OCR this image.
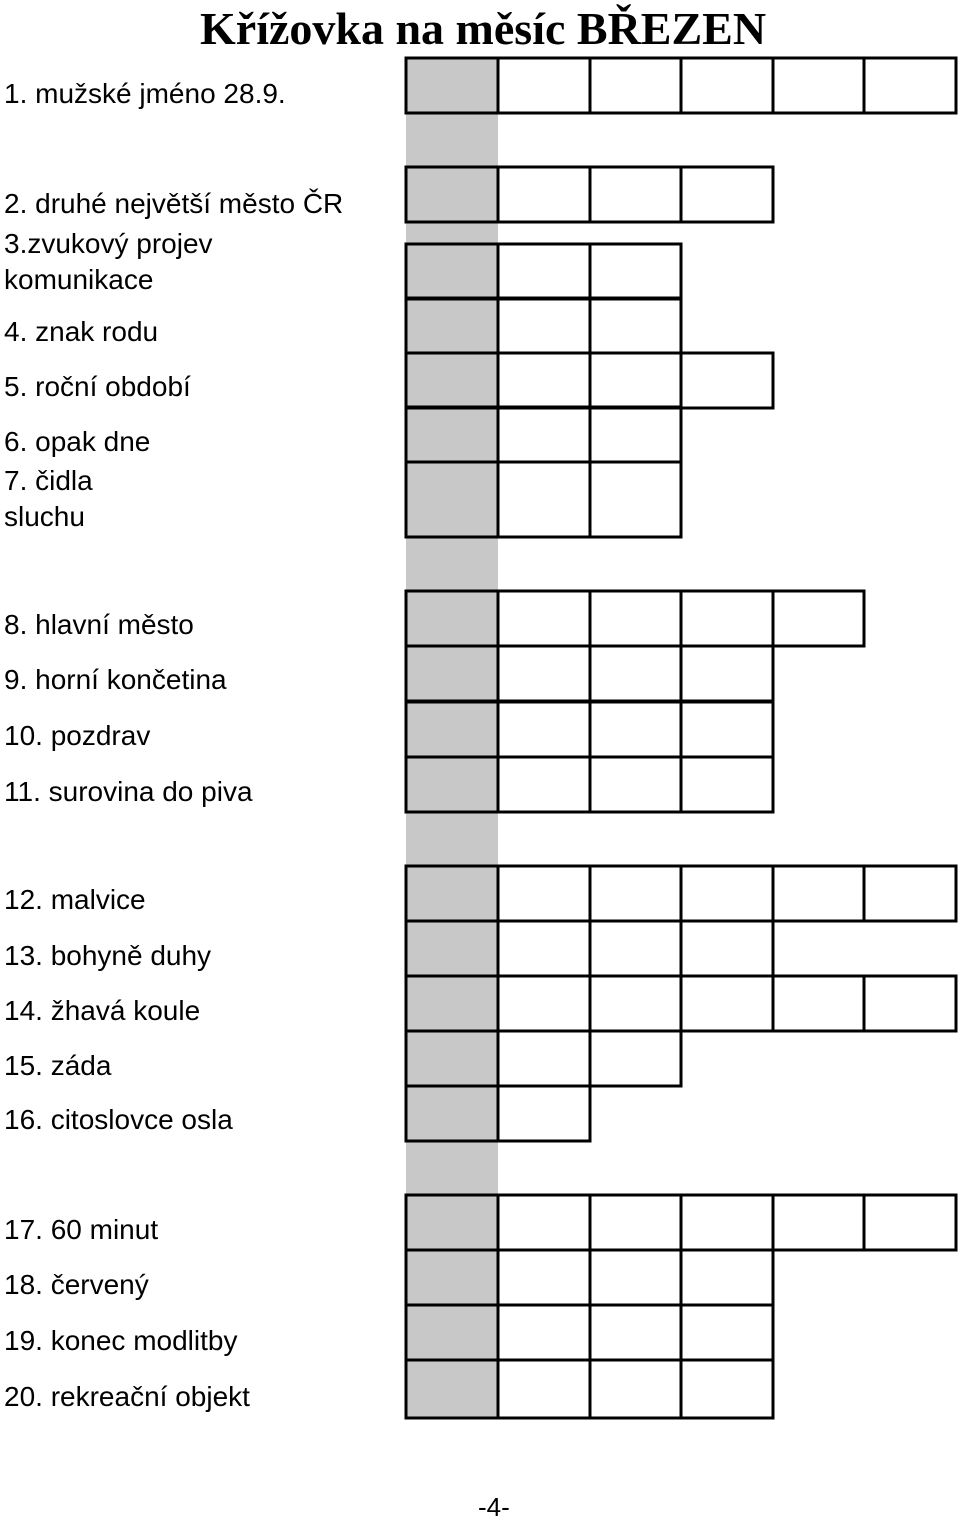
Křížovka na měsíc BŘEZEN
1. mužské jméno 28.9.
2. druhé největší město ČR
3.zvukový projev komunikace
4. znak rodu
5. roční období
6. opak dne
7. čidla sluchu
8. hlavní město
9. horní končetina
10. pozdrav
11. surovina do piva
12. malvice
13. bohyně duhy
14. žhavá koule
15. záda
16. citoslovce osla
17. 60 minut
18. červený
19. konec modlitby
20. rekreační objekt
-4-
